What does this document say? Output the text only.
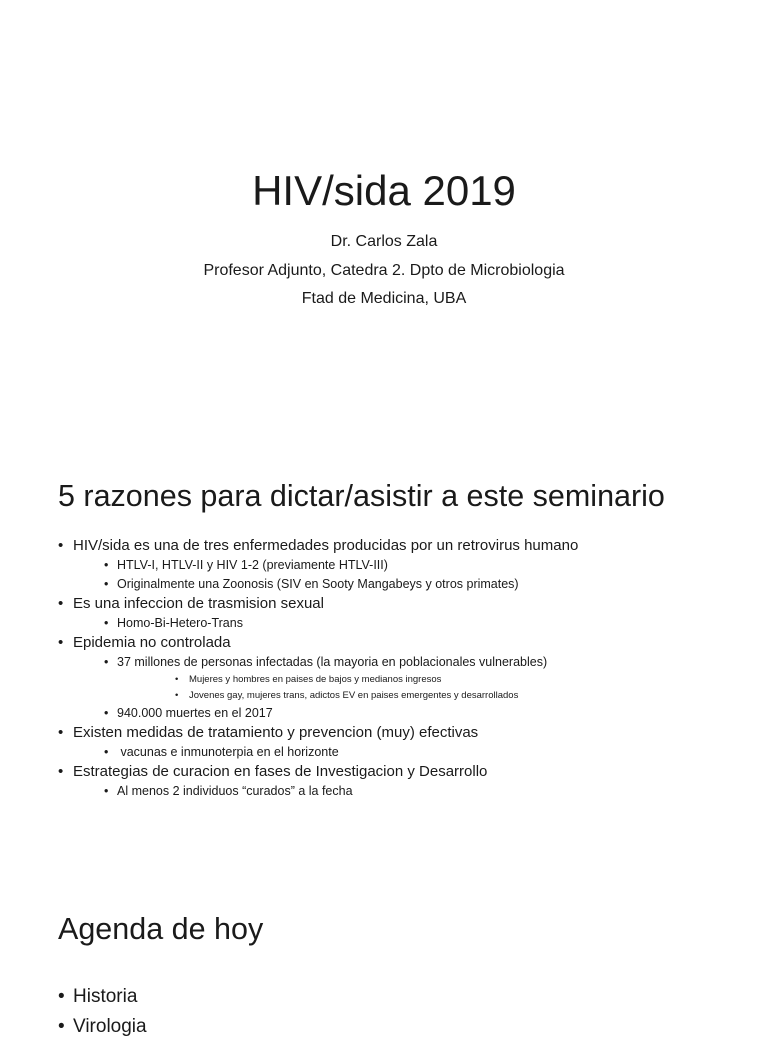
HIV/sida 2019
Dr. Carlos Zala
Profesor Adjunto, Catedra 2. Dpto de Microbiologia
Ftad de Medicina, UBA
5 razones para dictar/asistir a este seminario
• HIV/sida es una de tres enfermedades producidas por un retrovirus humano
• HTLV-I, HTLV-II y HIV 1-2 (previamente HTLV-III)
• Originalmente una Zoonosis (SIV en Sooty Mangabeys y otros primates)
• Es una infeccion de trasmision sexual
• Homo-Bi-Hetero-Trans
• Epidemia no controlada
• 37 millones de personas infectadas (la mayoria en poblacionales vulnerables)
• Mujeres y hombres en paises de bajos y medianos ingresos
• Jovenes gay, mujeres trans, adictos EV en paises emergentes y desarrollados
• 940.000 muertes en el 2017
• Existen medidas de tratamiento y prevencion (muy) efectivas
•  vacunas e inmunoterpia en el horizonte
• Estrategias de curacion en fases de Investigacion y Desarrollo
• Al menos 2 individuos “curados” a la fecha
Agenda de hoy
• Historia
• Virologia
